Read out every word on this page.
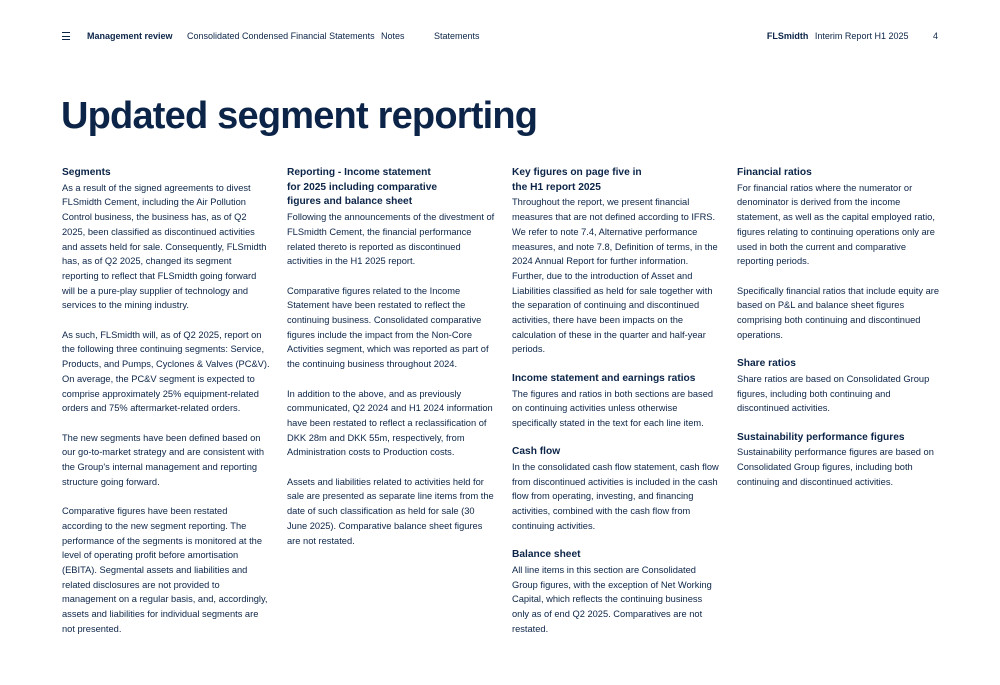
Management review Consolidated Condensed Financial Statements Notes	Statements	FLSmidth Interim Report H1 2025	4
Updated segment reporting
Segments

As a result of the signed agreements to divest FLSmidth Cement, including the Air Pollution Control business, the business has, as of Q2 2025, been classified as discontinued activities and assets held for sale. Consequently, FLSmidth has, as of Q2 2025, changed its segment reporting to reflect that FLSmidth going forward will be a pure-play supplier of technology and services to the mining industry.

As such, FLSmidth will, as of Q2 2025, report on the following three continuing segments: Service, Products, and Pumps, Cyclones & Valves (PC&V). On average, the PC&V segment is expected to comprise approximately 25% equipment-related orders and 75% aftermarket-related orders.

The new segments have been defined based on our go-to-market strategy and are consistent with the Group's internal management and reporting structure going forward.

Comparative figures have been restated according to the new segment reporting. The performance of the segments is monitored at the level of operating profit before amortisation (EBITA). Segmental assets and liabilities and related disclosures are not provided to management on a regular basis, and, accordingly, assets and liabilities for individual segments are not presented.

Reporting - Income statement for 2025 including comparative figures and balance sheet

Following the announcements of the divestment of FLSmidth Cement, the financial performance related thereto is reported as discontinued activities in the H1 2025 report.

Comparative figures related to the Income Statement have been restated to reflect the continuing business. Consolidated comparative figures include the impact from the Non-Core Activities segment, which was reported as part of the continuing business throughout 2024.

In addition to the above, and as previously communicated, Q2 2024 and H1 2024 information have been restated to reflect a reclassification of DKK 28m and DKK 55m, respectively, from Administration costs to Production costs.

Assets and liabilities related to activities held for sale are presented as separate line items from the date of such classification as held for sale (30 June 2025). Comparative balance sheet figures are not restated.

Key figures on page five in the H1 report 2025

Throughout the report, we present financial measures that are not defined according to IFRS. We refer to note 7.4, Alternative performance measures, and note 7.8, Definition of terms, in the 2024 Annual Report for further information. Further, due to the introduction of Asset and Liabilities classified as held for sale together with the separation of continuing and discontinued activities, there have been impacts on the calculation of these in the quarter and half-year periods.

Income statement and earnings ratios

The figures and ratios in both sections are based on continuing activities unless otherwise specifically stated in the text for each line item.

Cash flow

In the consolidated cash flow statement, cash flow from discontinued activities is included in the cash flow from operating, investing, and financing activities, combined with the cash flow from continuing activities.

Balance sheet

All line items in this section are Consolidated Group figures, with the exception of Net Working Capital, which reflects the continuing business only as of end Q2 2025. Comparatives are not restated.

Financial ratios

For financial ratios where the numerator or denominator is derived from the income statement, as well as the capital employed ratio, figures relating to continuing operations only are used in both the current and comparative reporting periods.

Specifically financial ratios that include equity are based on P&L and balance sheet figures comprising both continuing and discontinued operations.

Share ratios

Share ratios are based on Consolidated Group figures, including both continuing and discontinued activities.

Sustainability performance figures

Sustainability performance figures are based on Consolidated Group figures, including both continuing and discontinued activities.
